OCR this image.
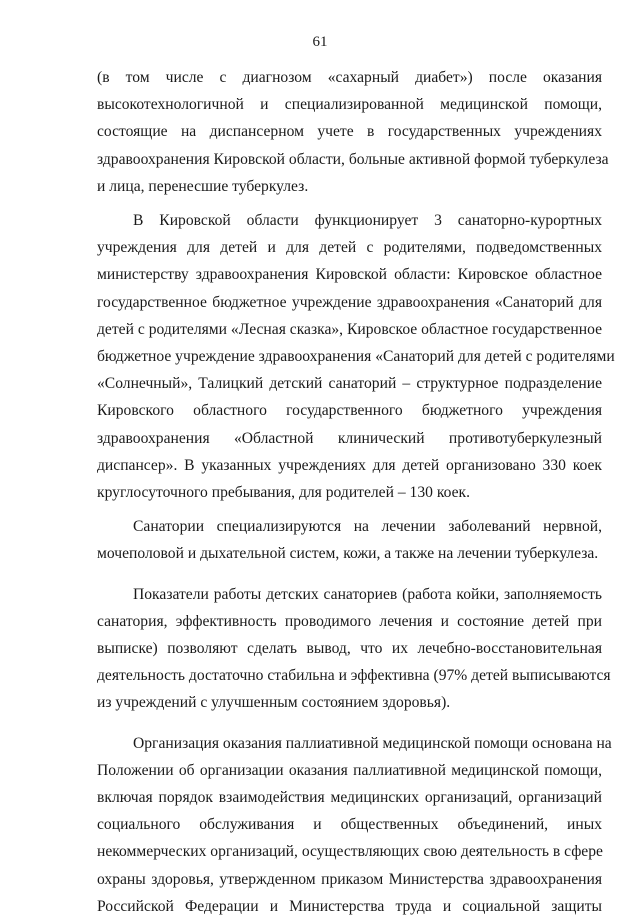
61

(в том числе с диагнозом «сахарный диабет») после оказания
высокотехнологичной и специализированной медицинской помощи,
состоящие на диспансерном учете в государственных учреждениях
здравоохранения Кировской области, больные активной формой туберкулеза
и лица, перенесшие туберкулез.

В Кировской области функционирует 3 санаторно-курортных
учреждения для детей и для детей с родителями, подведомственных
министерству здравоохранения Кировской области: Кировское областное
государственное бюджетное учреждение здравоохранения «Санаторий для
детей с родителями «Лесная сказка», Кировское областное государственное
бюджетное учреждение здравоохранения «Санаторий для детей с родителями
«Солнечный», Талицкий детский санаторий – структурное подразделение
Кировского областного государственного бюджетного учреждения
здравоохранения «Областной клинический противотуберкулезный
диспансер». В указанных учреждениях для детей организовано 330 коек
круглосуточного пребывания, для родителей – 130 коек.

Санатории специализируются на лечении заболеваний нервной,
мочеполовой и дыхательной систем, кожи, а также на лечении туберкулеза.

Показатели работы детских санаториев (работа койки, заполняемость
санатория, эффективность проводимого лечения и состояние детей при
выписке) позволяют сделать вывод, что их лечебно-восстановительная
деятельность достаточно стабильна и эффективна (97% детей выписываются
из учреждений с улучшенным состоянием здоровья).

Организация оказания паллиативной медицинской помощи основана на
Положении об организации оказания паллиативной медицинской помощи,
включая порядок взаимодействия медицинских организаций, организаций
социального обслуживания и общественных объединений, иных
некоммерческих организаций, осуществляющих свою деятельность в сфере
охраны здоровья, утвержденном приказом Министерства здравоохранения
Российской Федерации и Министерства труда и социальной защиты
